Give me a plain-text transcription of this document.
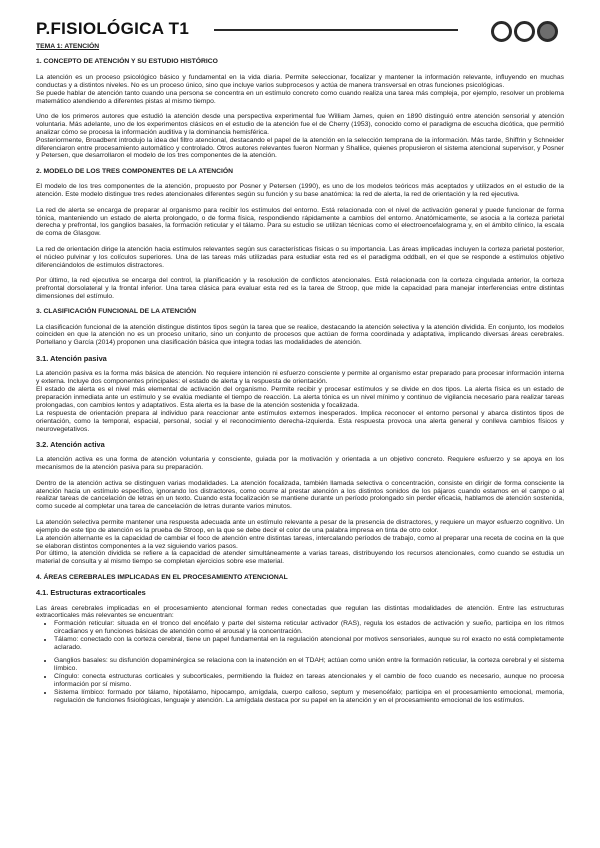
P.FISIOLÓGICA T1

TEMA 1: ATENCIÓN

1. CONCEPTO DE ATENCIÓN Y SU ESTUDIO HISTÓRICO

La atención es un proceso psicológico básico y fundamental en la vida diaria. Permite seleccionar, focalizar y mantener la información relevante, influyendo en muchas conductas y a distintos niveles. No es un proceso único, sino que incluye varios subprocesos y actúa de manera transversal en otras funciones psicológicas.

Se puede hablar de atención tanto cuando una persona se concentra en un estímulo concreto como cuando realiza una tarea más compleja, por ejemplo, resolver un problema matemático atendiendo a diferentes pistas al mismo tiempo.

Uno de los primeros autores que estudió la atención desde una perspectiva experimental fue William James, quien en 1890 distinguió entre atención sensorial y atención voluntaria. Más adelante, uno de los experimentos clásicos en el estudio de la atención fue el de Cherry (1953), conocido como el paradigma de escucha dicótica, que permitió analizar cómo se procesa la información auditiva y la dominancia hemisférica.

Posteriormente, Broadbent introdujo la idea del filtro atencional, destacando el papel de la atención en la selección temprana de la información. Más tarde, Shiffrin y Schneider diferenciaron entre procesamiento automático y controlado. Otros autores relevantes fueron Norman y Shallice, quienes propusieron el sistema atencional supervisor, y Posner y Petersen, que desarrollaron el modelo de los tres componentes de la atención.

2. MODELO DE LOS TRES COMPONENTES DE LA ATENCIÓN

El modelo de los tres componentes de la atención, propuesto por Posner y Petersen (1990), es uno de los modelos teóricos más aceptados y utilizados en el estudio de la atención. Este modelo distingue tres redes atencionales diferentes según su función y su base anatómica: la red de alerta, la red de orientación y la red ejecutiva.

La red de alerta se encarga de preparar al organismo para recibir los estímulos del entorno. Está relacionada con el nivel de activación general y puede funcionar de forma tónica, manteniendo un estado de alerta prolongado, o de forma física, respondiendo rápidamente a cambios del entorno. Anatómicamente, se asocia a la corteza parietal derecha y prefrontal, los ganglios basales, la formación reticular y el tálamo. Para su estudio se utilizan técnicas como el electroencefalograma y, en el ámbito clínico, la escala de coma de Glasgow.

La red de orientación dirige la atención hacia estímulos relevantes según sus características físicas o su importancia. Las áreas implicadas incluyen la corteza parietal posterior, el núcleo pulvinar y los colículos superiores. Una de las tareas más utilizadas para estudiar esta red es el paradigma oddball, en el que se responde a estímulos objetivo diferenciándolos de estímulos distractores.

Por último, la red ejecutiva se encarga del control, la planificación y la resolución de conflictos atencionales. Está relacionada con la corteza cingulada anterior, la corteza prefrontal dorsolateral y la frontal inferior. Una tarea clásica para evaluar esta red es la tarea de Stroop, que mide la capacidad para manejar interferencias entre distintas dimensiones del estímulo.

3. CLASIFICACIÓN FUNCIONAL DE LA ATENCIÓN

La clasificación funcional de la atención distingue distintos tipos según la tarea que se realice, destacando la atención selectiva y la atención dividida. En conjunto, los modelos coinciden en que la atención no es un proceso unitario, sino un conjunto de procesos que actúan de forma coordinada y adaptativa, implicando diversas áreas cerebrales. Portellano y García (2014) proponen una clasificación básica que integra todas las modalidades de atención.

3.1. Atención pasiva

La atención pasiva es la forma más básica de atención. No requiere intención ni esfuerzo consciente y permite al organismo estar preparado para procesar información interna y externa. Incluye dos componentes principales: el estado de alerta y la respuesta de orientación.

El estado de alerta es el nivel más elemental de activación del organismo. Permite recibir y procesar estímulos y se divide en dos tipos. La alerta física es un estado de preparación inmediata ante un estímulo y se evalúa mediante el tiempo de reacción. La alerta tónica es un nivel mínimo y continuo de vigilancia necesario para realizar tareas prolongadas, con cambios lentos y adaptativos. Esta alerta es la base de la atención sostenida y focalizada.

La respuesta de orientación prepara al individuo para reaccionar ante estímulos externos inesperados. Implica reconocer el entorno personal y abarca distintos tipos de orientación, como la temporal, espacial, personal, social y el reconocimiento derecha-izquierda. Esta respuesta provoca una alerta general y conlleva cambios físicos y neurovegetativos.

3.2. Atención activa

La atención activa es una forma de atención voluntaria y consciente, guiada por la motivación y orientada a un objetivo concreto. Requiere esfuerzo y se apoya en los mecanismos de la atención pasiva para su preparación.

Dentro de la atención activa se distinguen varias modalidades. La atención focalizada, también llamada selectiva o concentración, consiste en dirigir de forma consciente la atención hacia un estímulo específico, ignorando los distractores, como ocurre al prestar atención a los distintos sonidos de los pájaros cuando estamos en el campo o al realizar tareas de cancelación de letras en un texto. Cuando esta focalización se mantiene durante un período prolongado sin perder eficacia, hablamos de atención sostenida, como sucede al completar una tarea de cancelación de letras durante varios minutos.

La atención selectiva permite mantener una respuesta adecuada ante un estímulo relevante a pesar de la presencia de distractores, y requiere un mayor esfuerzo cognitivo. Un ejemplo de este tipo de atención es la prueba de Stroop, en la que se debe decir el color de una palabra impresa en tinta de otro color.

La atención alternante es la capacidad de cambiar el foco de atención entre distintas tareas, intercalando períodos de trabajo, como al preparar una receta de cocina en la que se elaboran distintos componentes a la vez siguiendo varios pasos.

Por último, la atención dividida se refiere a la capacidad de atender simultáneamente a varias tareas, distribuyendo los recursos atencionales, como cuando se estudia un material de consulta y al mismo tiempo se completan ejercicios sobre ese material.

4. ÁREAS CEREBRALES IMPLICADAS EN EL PROCESAMIENTO ATENCIONAL

4.1. Estructuras extracorticales

Las áreas cerebrales implicadas en el procesamiento atencional forman redes conectadas que regulan las distintas modalidades de atención. Entre las estructuras extracorticales más relevantes se encuentran:

• Formación reticular: situada en el tronco del encéfalo y parte del sistema reticular activador (RAS), regula los estados de activación y sueño, participa en los ritmos circadianos y en funciones básicas de atención como el arousal y la concentración.
• Tálamo: conectado con la corteza cerebral, tiene un papel fundamental en la regulación atencional por motivos sensoriales, aunque su rol exacto no está completamente aclarado.
• Ganglios basales: su disfunción dopaminérgica se relaciona con la inatención en el TDAH; actúan como unión entre la formación reticular, la corteza cerebral y el sistema límbico.
• Cíngulo: conecta estructuras corticales y subcorticales, permitiendo la fluidez en tareas atencionales y el cambio de foco cuando es necesario, aunque no procesa información por sí mismo.
• Sistema límbico: formado por tálamo, hipotálamo, hipocampo, amígdala, cuerpo calloso, septum y mesencéfalo; participa en el procesamiento emocional, memoria, regulación de funciones fisiológicas, lenguaje y atención. La amígdala destaca por su papel en la atención y en el procesamiento emocional de los estímulos.
